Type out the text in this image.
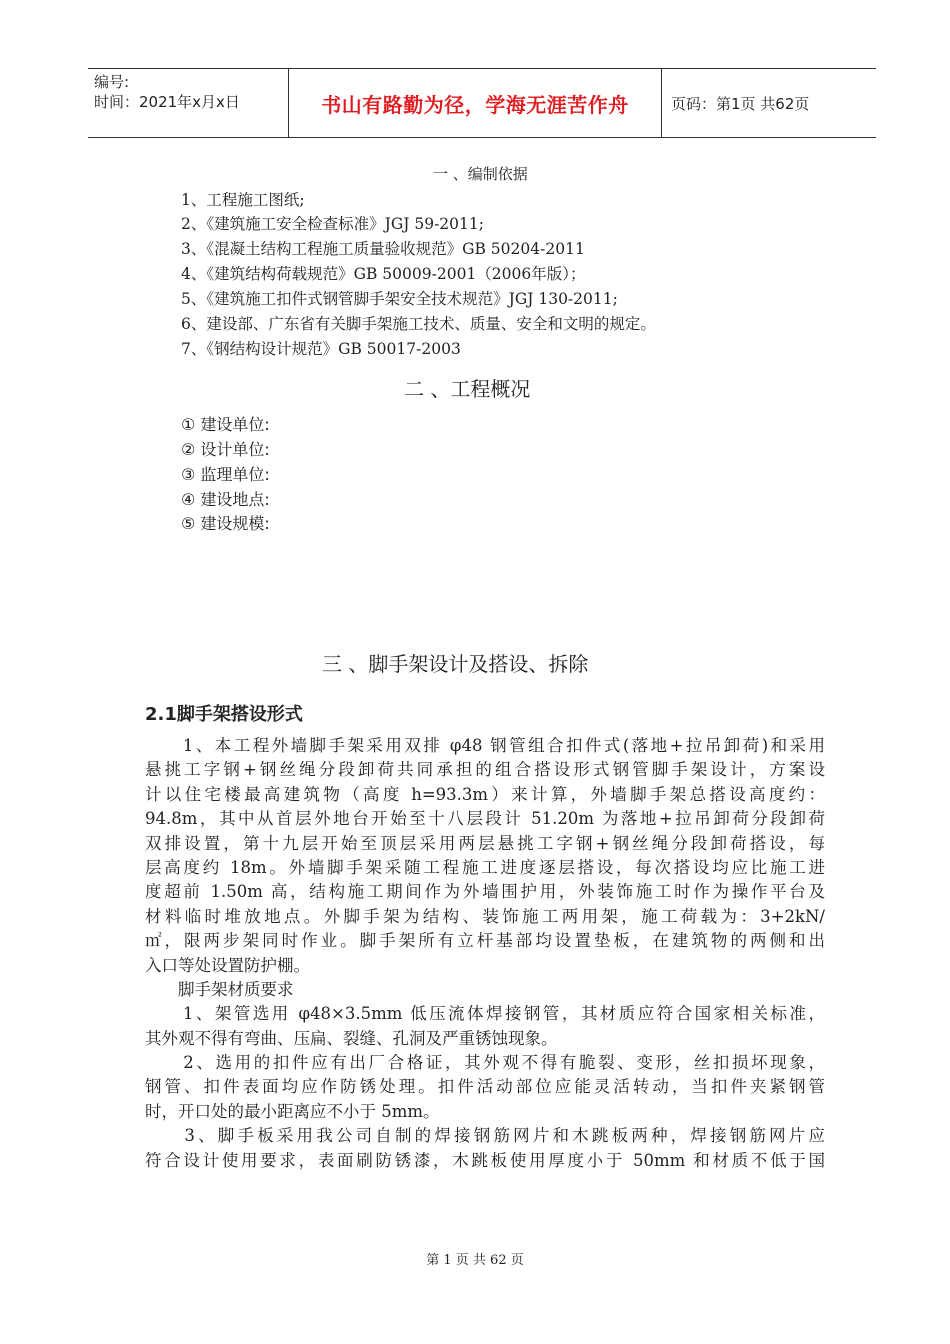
编号:
时间：2021年x月x日	书山有路勤为径，学海无涯苦作舟	页码：第1页 共62页
一 、编制依据
1、工程施工图纸;
2、《建筑施工安全检查标准》JGJ 59-2011;
3、《混凝土结构工程施工质量验收规范》GB 50204-2011
4、《建筑结构荷载规范》GB 50009-2001（2006年版）；
5、《建筑施工扣件式钢管脚手架安全技术规范》JGJ 130-2011;
6、建设部、广东省有关脚手架施工技术、质量、安全和文明的规定。
7、《钢结构设计规范》GB 50017-2003
二 、工程概况
① 建设单位:
② 设计单位:
③ 监理单位:
④ 建设地点:
⑤ 建设规模:
三 、脚手架设计及搭设、拆除
2.1脚手架搭设形式
　　1、本工程外墙脚手架采用双排 φ48 钢管组合扣件式(落地+拉吊卸荷)和采用
悬挑工字钢+钢丝绳分段卸荷共同承担的组合搭设形式钢管脚手架设计，方案设
计以住宅楼最高建筑物（高度 h=93.3m）来计算，外墙脚手架总搭设高度约：
94.8m，其中从首层外地台开始至十八层段计 51.20m 为落地+拉吊卸荷分段卸荷
双排设置，第十九层开始至顶层采用两层悬挑工字钢+钢丝绳分段卸荷搭设，每
层高度约 18m。外墙脚手架采随工程施工进度逐层搭设，每次搭设均应比施工进
度超前 1.50m 高，结构施工期间作为外墙围护用，外装饰施工时作为操作平台及
材料临时堆放地点。外脚手架为结构、装饰施工两用架，施工荷载为：3+2kN/
㎡，限两步架同时作业。脚手架所有立杆基部均设置垫板，在建筑物的两侧和出
入口等处设置防护棚。
　　脚手架材质要求
　　1、架管选用 φ48×3.5mm 低压流体焊接钢管，其材质应符合国家相关标准，
其外观不得有弯曲、压扁、裂缝、孔洞及严重锈蚀现象。
　　2、选用的扣件应有出厂合格证，其外观不得有脆裂、变形，丝扣损坏现象，
钢管、扣件表面均应作防锈处理。扣件活动部位应能灵活转动，当扣件夹紧钢管
时，开口处的最小距离应不小于 5mm。
　　3、脚手板采用我公司自制的焊接钢筋网片和木跳板两种，焊接钢筋网片应
符合设计使用要求，表面刷防锈漆，木跳板使用厚度小于 50mm 和材质不低于国
第 1 页 共 62 页
